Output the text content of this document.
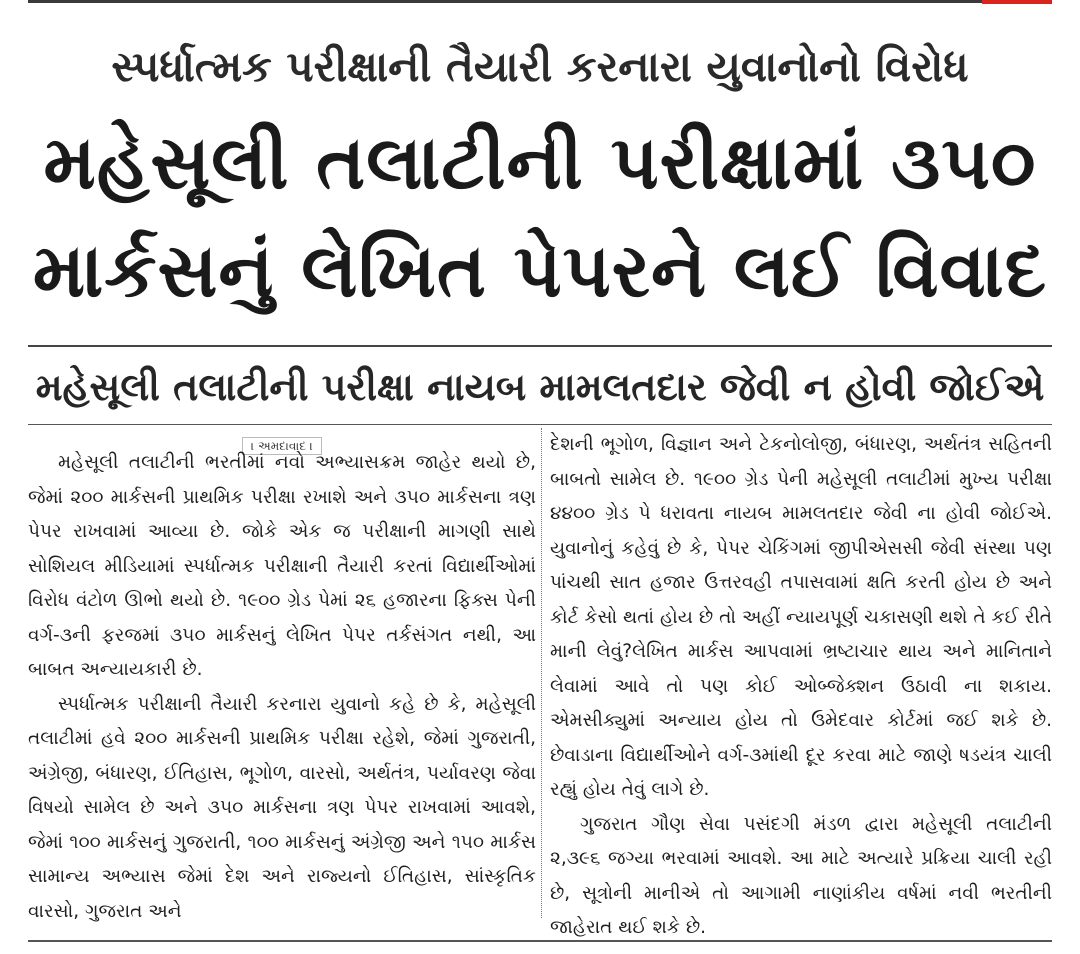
સ્પર્ધાત્મક પરીક્ષાની તૈયારી કરનારા યુવાનોનો વિરોધ
મહેસૂલી તલાટીની પરીક્ષામાં ૩૫૦
માર્કસનું લેખિત પેપરને લઈ વિવાદ
મહેસૂલી તલાટીની પરીક્ષા નાયબ મામલતદાર જેવી ન હોવી જોઈએ
। અમદાવાદ ।

મહેસૂલી તલાટીની ભરતીમાં નવો અભ્યાસક્રમ જાહેર થયો છે, જેમાં ૨૦૦ માર્કસની પ્રાથમિક પરીક્ષા રખાશે અને ૩૫૦ માર્કસના ત્રણ પેપર રાખવામાં આવ્યા છે. જોકે એક જ પરીક્ષાની માગણી સાથે સોશિયલ મીડિયામાં સ્પર્ધાત્મક પરીક્ષાની તૈયારી કરતાં વિદ્યાર્થીઓમાં વિરોધ વંટોળ ઊભો થયો છે. ૧૯૦૦ ગ્રેડ પેમાં ૨૬ હજારના ફિક્સ પેની વર્ગ-૩ની ફરજમાં ૩૫૦ માર્કસનું લેખિત પેપર તર્કસંગત નથી, આ બાબત અન્યાયકારી છે.

સ્પર્ધાત્મક પરીક્ષાની તૈયારી કરનારા યુવાનો કહે છે કે, મહેસૂલી તલાટીમાં હવે ૨૦૦ માર્કસની પ્રાથમિક પરીક્ષા રહેશે, જેમાં ગુજરાતી, અંગ્રેજી, બંધારણ, ઈતિહાસ, ભૂગોળ, વારસો, અર્થતંત્ર, પર્યાવરણ જેવા વિષયો સામેલ છે અને ૩૫૦ માર્કસના ત્રણ પેપર રાખવામાં આવશે, જેમાં ૧૦૦ માર્કસનું ગુજરાતી, ૧૦૦ માર્કસનું અંગ્રેજી અને ૧૫૦ માર્કસ સામાન્ય અભ્યાસ જેમાં દેશ અને રાજ્યનો ઈતિહાસ, સાંસ્કૃતિક વારસો, ગુજરાત અને

દેશની ભૂગોળ, વિજ્ઞાન અને ટેકનોલોજી, બંધારણ, અર્થતંત્ર સહિતની બાબતો સામેલ છે. ૧૯૦૦ ગ્રેડ પેની મહેસૂલી તલાટીમાં મુખ્ય પરીક્ષા ૪૪૦૦ ગ્રેડ પે ધરાવતા નાયબ મામલતદાર જેવી ના હોવી જોઈએ. યુવાનોનું કહેવું છે કે, પેપર ચેકિંગમાં જીપીએસસી જેવી સંસ્થા પણ પાંચથી સાત હજાર ઉત્તરવહી તપાસવામાં ક્ષતિ કરતી હોય છે અને કોર્ટ કેસો થતાં હોય છે તો અહીં ન્યાયપૂર્ણ ચકાસણી થશે તે કઈ રીતે માની લેવું?લેખિત માર્કસ આપવામાં ભ્રષ્ટાચાર થાય અને માનિતાને લેવામાં આવે તો પણ કોઈ ઓબ્જેક્શન ઉઠાવી ના શકાય. એમસીક્યુમાં અન્યાય હોય તો ઉમેદવાર કોર્ટમાં જઈ શકે છે. છેવાડાના વિદ્યાર્થીઓને વર્ગ-૩માંથી દૂર કરવા માટે જાણે ષડયંત્ર ચાલી રહ્યું હોય તેવું લાગે છે.

ગુજરાત ગૌણ સેવા પસંદગી મંડળ દ્વારા મહેસૂલી તલાટીની ૨,૩૯૬ જગ્યા ભરવામાં આવશે. આ માટે અત્યારે પ્રક્રિયા ચાલી રહી છે, સૂત્રોની માનીએ તો આગામી નાણાંકીય વર્ષમાં નવી ભરતીની જાહેરાત થઈ શકે છે.
